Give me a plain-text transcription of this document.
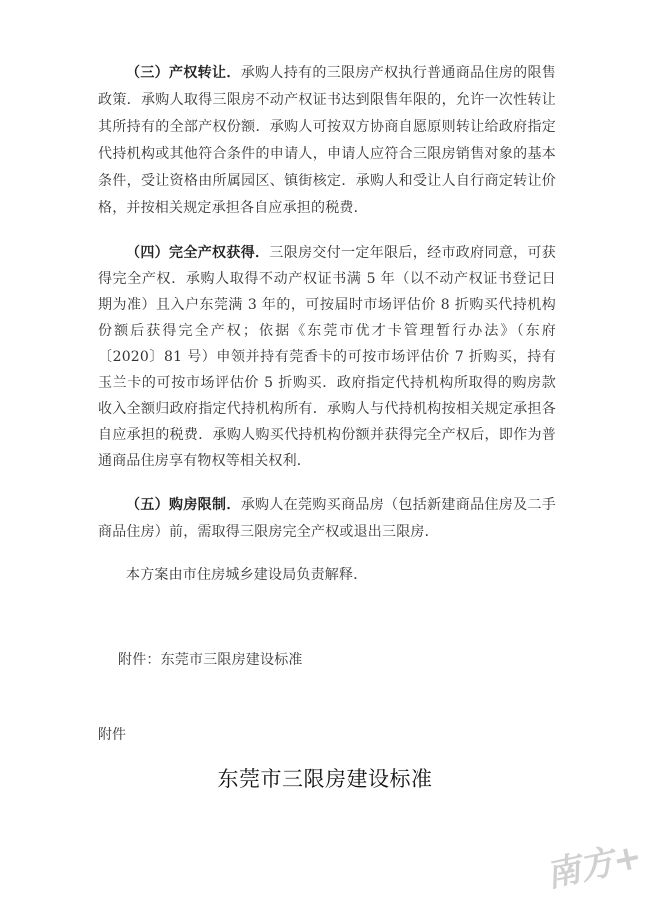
（三）产权转让．承购人持有的三限房产权执行普通商品住房的限售政策．承购人取得三限房不动产权证书达到限售年限的，允许一次性转让其所持有的全部产权份额．承购人可按双方协商自愿原则转让给政府指定代持机构或其他符合条件的申请人，申请人应符合三限房销售对象的基本条件，受让资格由所属园区、镇街核定．承购人和受让人自行商定转让价格，并按相关规定承担各自应承担的税费．

（四）完全产权获得．三限房交付一定年限后，经市政府同意，可获得完全产权．承购人取得不动产权证书满 5 年（以不动产权证书登记日期为准）且入户东莞满 3 年的，可按届时市场评估价 8 折购买代持机构份额后获得完全产权；依据《东莞市优才卡管理暂行办法》（东府〔2020〕81 号）申领并持有莞香卡的可按市场评估价 7 折购买，持有玉兰卡的可按市场评估价 5 折购买．政府指定代持机构所取得的购房款收入全额归政府指定代持机构所有．承购人与代持机构按相关规定承担各自应承担的税费．承购人购买代持机构份额并获得完全产权后，即作为普通商品住房享有物权等相关权利．

（五）购房限制．承购人在莞购买商品房（包括新建商品住房及二手商品住房）前，需取得三限房完全产权或退出三限房．

本方案由市住房城乡建设局负责解释．

附件：东莞市三限房建设标准

附件

东莞市三限房建设标准
南方+
